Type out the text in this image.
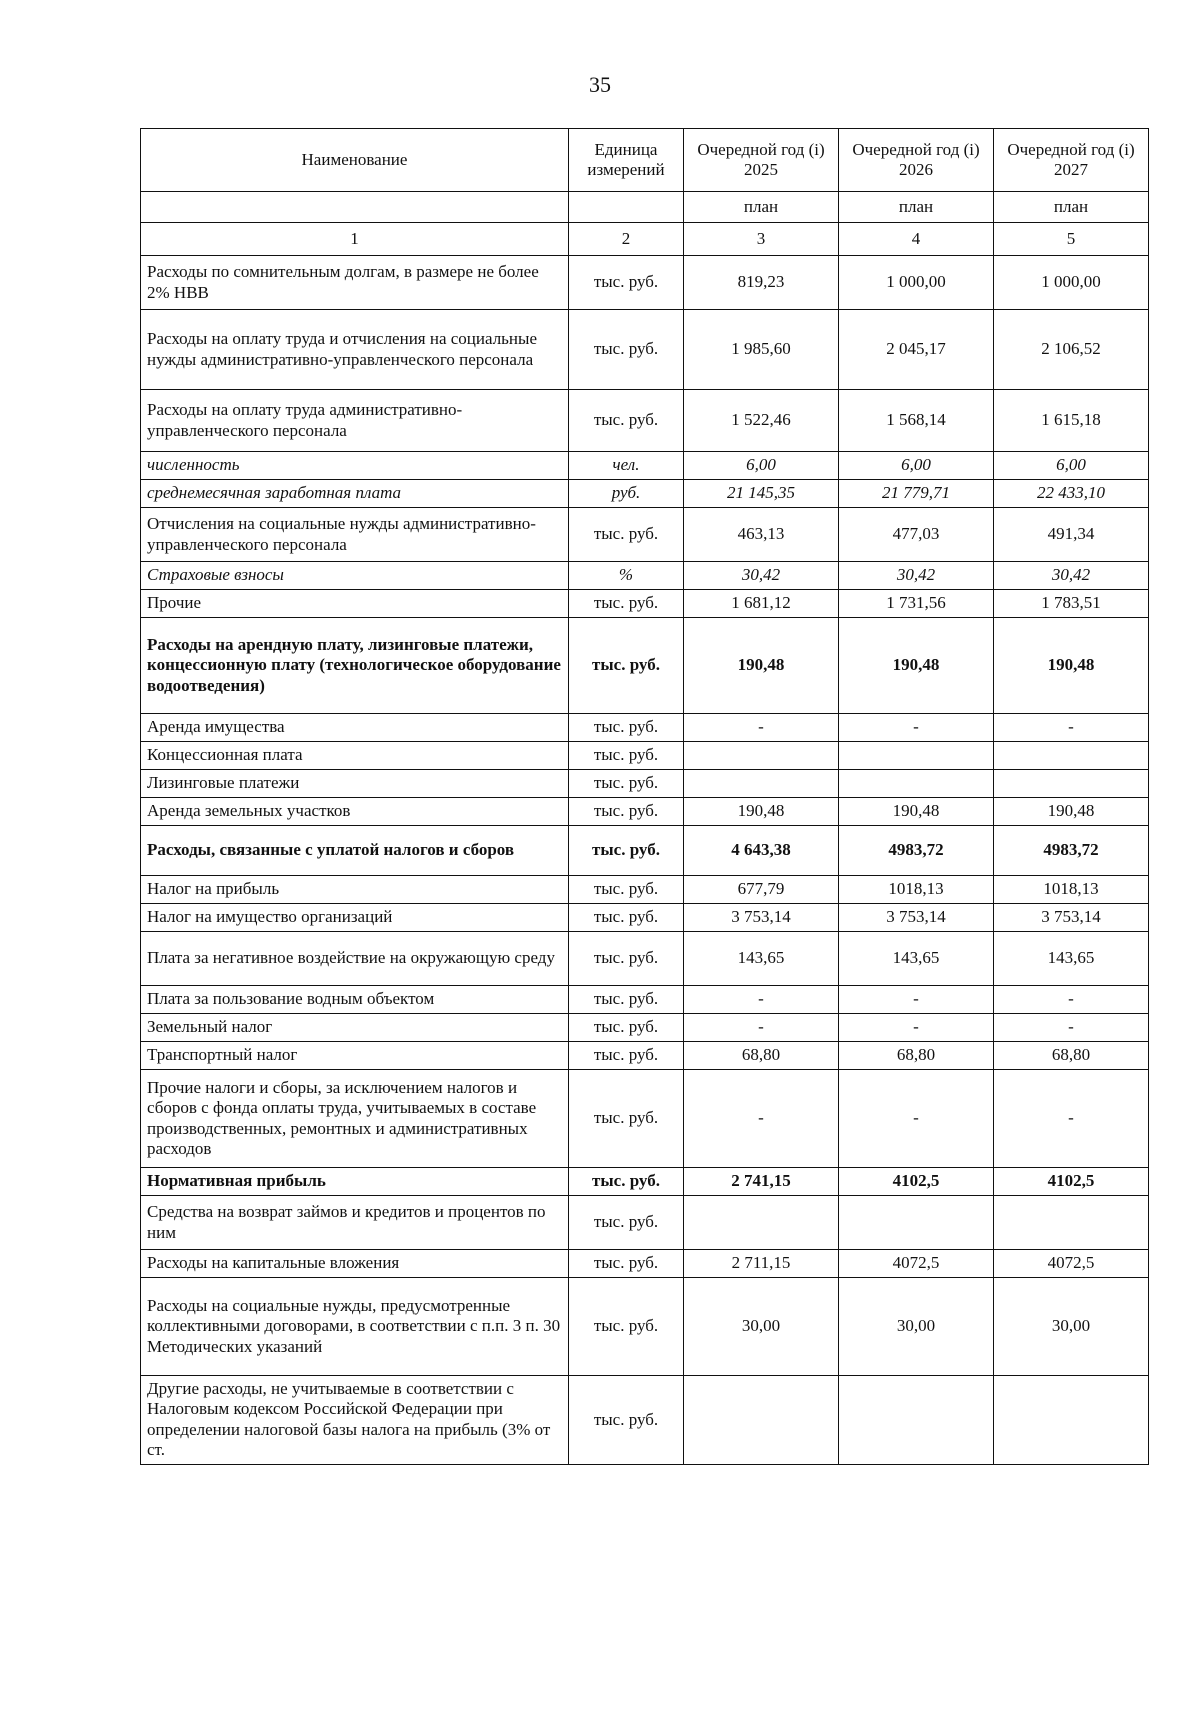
35
Наименование	Единица измерений	Очередной год (i) 2025	Очередной год (i) 2026	Очередной год (i) 2027
		план	план	план
1	2	3	4	5
Расходы по сомнительным долгам, в размере не более 2% НВВ	тыс. руб.	819,23	1 000,00	1 000,00
Расходы на оплату труда и отчисления на социальные нужды административно-управленческого персонала	тыс. руб.	1 985,60	2 045,17	2 106,52
Расходы на оплату труда административно-управленческого персонала	тыс. руб.	1 522,46	1 568,14	1 615,18
численность	чел.	6,00	6,00	6,00
среднемесячная заработная плата	руб.	21 145,35	21 779,71	22 433,10
Отчисления на социальные нужды административно-управленческого персонала	тыс. руб.	463,13	477,03	491,34
Страховые взносы	%	30,42	30,42	30,42
Прочие	тыс. руб.	1 681,12	1 731,56	1 783,51
Расходы на арендную плату, лизинговые платежи, концессионную плату (технологическое оборудование водоотведения)	тыс. руб.	190,48	190,48	190,48
Аренда имущества	тыс. руб.	-	-	-
Концессионная плата	тыс. руб.			
Лизинговые платежи	тыс. руб.			
Аренда земельных участков	тыс. руб.	190,48	190,48	190,48
Расходы, связанные с уплатой налогов и сборов	тыс. руб.	4 643,38	4983,72	4983,72
Налог на прибыль	тыс. руб.	677,79	1018,13	1018,13
Налог на имущество организаций	тыс. руб.	3 753,14	3 753,14	3 753,14
Плата за негативное воздействие на окружающую среду	тыс. руб.	143,65	143,65	143,65
Плата за пользование водным объектом	тыс. руб.	-	-	-
Земельный налог	тыс. руб.	-	-	-
Транспортный налог	тыс. руб.	68,80	68,80	68,80
Прочие налоги и сборы, за исключением налогов и сборов с фонда оплаты труда, учитываемых в составе производственных, ремонтных и административных расходов	тыс. руб.	-	-	-
Нормативная прибыль	тыс. руб.	2 741,15	4102,5	4102,5
Средства на возврат займов и кредитов и процентов по ним	тыс. руб.			
Расходы на капитальные вложения	тыс. руб.	2 711,15	4072,5	4072,5
Расходы на социальные нужды, предусмотренные коллективными договорами, в соответствии с п.п. 3 п. 30 Методических указаний	тыс. руб.	30,00	30,00	30,00
Другие расходы, не учитываемые в соответствии с Налоговым кодексом Российской Федерации при определении налоговой базы налога на прибыль (3% от ст.	тыс. руб.			
